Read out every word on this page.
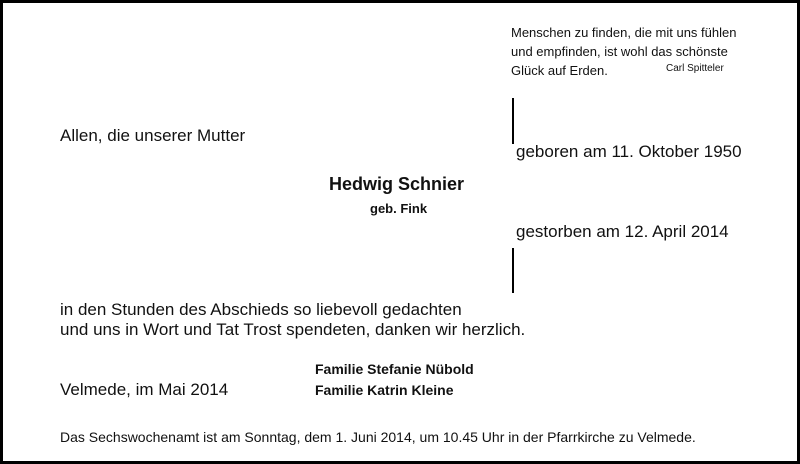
Menschen zu finden, die mit uns fühlen
und empfinden, ist wohl das schönste
Glück auf Erden.	Carl Spitteler
Allen, die unserer Mutter
geboren am 11. Oktober 1950
Hedwig Schnier
geb. Fink
gestorben am 12. April 2014
in den Stunden des Abschieds so liebevoll gedachten
und uns in Wort und Tat Trost spendeten, danken wir herzlich.
Familie Stefanie Nübold
Familie Katrin Kleine
Velmede, im Mai 2014
Das Sechswochenamt ist am Sonntag, dem 1. Juni 2014, um 10.45 Uhr in der Pfarrkirche zu Velmede.
